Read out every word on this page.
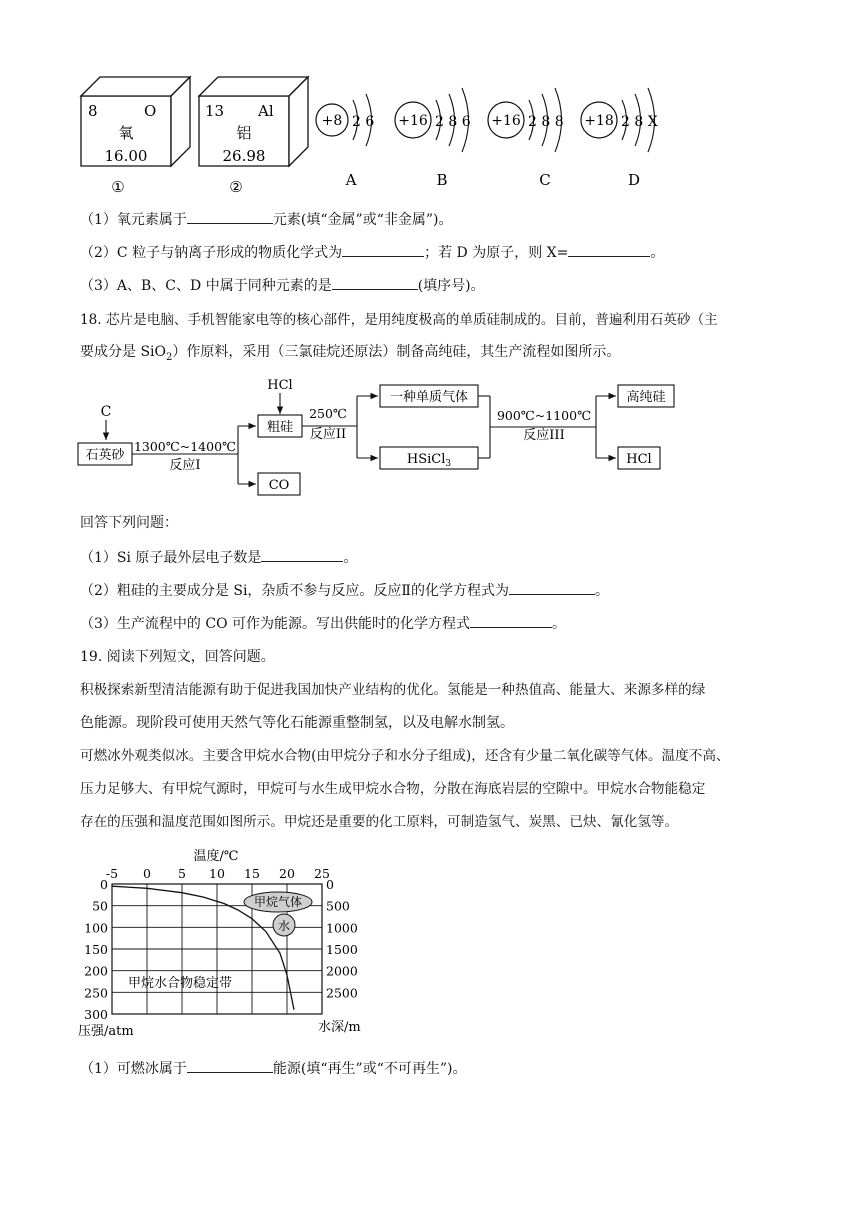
8	O
氧
16.00
①
13 Al
铝
26.98
②
+8 2 6
A
+16 2 8 6
B
+16 2 8 8
C
+18 2 8 X
D
（1）氧元素属于	元素(填“金属”或“非金属”)。
（2）C 粒子与钠离子形成的物质化学式为	；若 D 为原子，则 X=	。
（3）A、B、C、D 中属于同种元素的是	(填序号)。
18. 芯片是电脑、手机智能家电等的核心部件，是用纯度极高的单质硅制成的。目前，普遍利用石英砂（主
要成分是 SiO$_2$）作原料，采用（三氯硅烷还原法）制备高纯硅，其生产流程如图所示。
C
石英砂
1300℃~1400℃
反应I
CO
HCl
粗硅
250℃
反应II
一种单质气体
HSiCl$_3$
900℃~1100℃
反应III
高纯硅
HCl
回答下列问题：
（1）Si 原子最外层电子数是	。
（2）粗硅的主要成分是 Si，杂质不参与反应。反应Ⅱ的化学方程式为	。
（3）生产流程中的 CO 可作为能源。写出供能时的化学方程式	。
19. 阅读下列短文，回答问题。
积极探索新型清洁能源有助于促进我国加快产业结构的优化。氢能是一种热值高、能量大、来源多样的绿
色能源。现阶段可使用天然气等化石能源重整制氢，以及电解水制氢。
可燃冰外观类似冰。主要含甲烷水合物(由甲烷分子和水分子组成)，还含有少量二氧化碳等气体。温度不高、
压力足够大、有甲烷气源时，甲烷可与水生成甲烷水合物，分散在海底岩层的空隙中。甲烷水合物能稳定
存在的压强和温度范围如图所示。甲烷还是重要的化工原料，可制造氢气、炭黑、已炔、氰化氢等。
温度/℃
-5 0 5 10 15 20 25
0
50
100
150
200
250
300
0
500
1000
1500
2000
2500
甲烷气体
水
甲烷水合物稳定带
压强/atm	水深/m
（1）可燃冰属于	能源(填“再生”或“不可再生”)。
